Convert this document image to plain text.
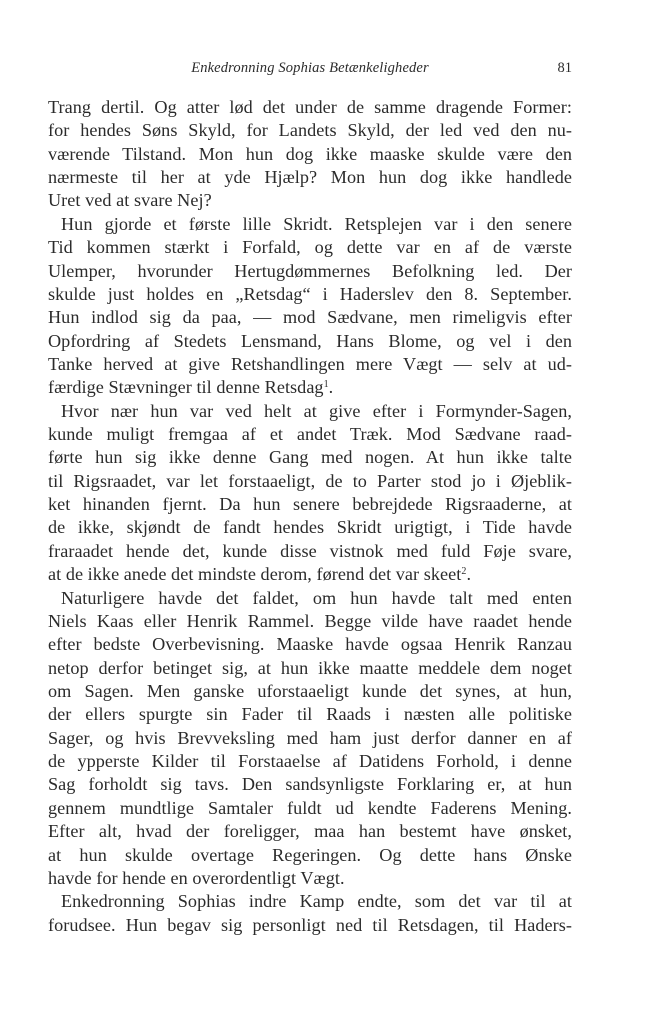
Enkedronning Sophias Betænkeligheder	81
Trang dertil. Og atter lød det under de samme dragende Former:
for hendes Søns Skyld, for Landets Skyld, der led ved den nu-
værende Tilstand. Mon hun dog ikke maaske skulde være den
nærmeste til her at yde Hjælp? Mon hun dog ikke handlede
Uret ved at svare Nej?
Hun gjorde et første lille Skridt. Retsplejen var i den senere
Tid kommen stærkt i Forfald, og dette var en af de værste
Ulemper, hvorunder Hertugdømmernes Befolkning led. Der
skulde just holdes en „Retsdag“ i Haderslev den 8. September.
Hun indlod sig da paa, — mod Sædvane, men rimeligvis efter
Opfordring af Stedets Lensmand, Hans Blome, og vel i den
Tanke herved at give Retshandlingen mere Vægt — selv at ud-
færdige Stævninger til denne Retsdag$^1$.
Hvor nær hun var ved helt at give efter i Formynder-Sagen,
kunde muligt fremgaa af et andet Træk. Mod Sædvane raad-
førte hun sig ikke denne Gang med nogen. At hun ikke talte
til Rigsraadet, var let forstaaeligt, de to Parter stod jo i Øjeblik-
ket hinanden fjernt. Da hun senere bebrejdede Rigsraaderne, at
de ikke, skjøndt de fandt hendes Skridt urigtigt, i Tide havde
fraraadet hende det, kunde disse vistnok med fuld Føje svare,
at de ikke anede det mindste derom, førend det var skeet$^2$.
Naturligere havde det faldet, om hun havde talt med enten
Niels Kaas eller Henrik Rammel. Begge vilde have raadet hende
efter bedste Overbevisning. Maaske havde ogsaa Henrik Ranzau
netop derfor betinget sig, at hun ikke maatte meddele dem noget
om Sagen. Men ganske uforstaaeligt kunde det synes, at hun,
der ellers spurgte sin Fader til Raads i næsten alle politiske
Sager, og hvis Brevveksling med ham just derfor danner en af
de ypperste Kilder til Forstaaelse af Datidens Forhold, i denne
Sag forholdt sig tavs. Den sandsynligste Forklaring er, at hun
gennem mundtlige Samtaler fuldt ud kendte Faderens Mening.
Efter alt, hvad der foreligger, maa han bestemt have ønsket,
at hun skulde overtage Regeringen. Og dette hans Ønske
havde for hende en overordentligt Vægt.
Enkedronning Sophias indre Kamp endte, som det var til at
forudsee. Hun begav sig personligt ned til Retsdagen, til Haders-
